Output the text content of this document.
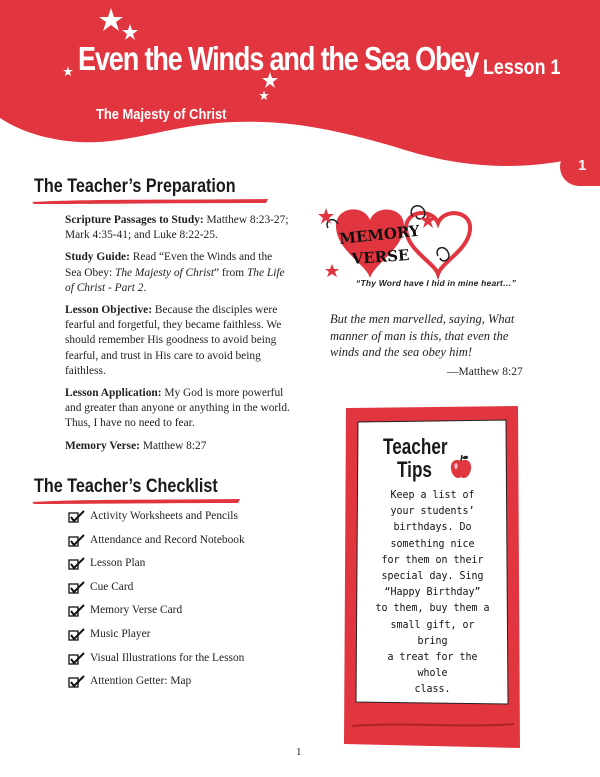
Even the Winds and the Sea Obey Lesson 1
The Majesty of Christ
1
The Teacher’s Preparation

Scripture Passages to Study: Matthew 8:23-27; Mark 4:35-41; and Luke 8:22-25.

Study Guide: Read “Even the Winds and the Sea Obey: The Majesty of Christ” from The Life of Christ - Part 2.

Lesson Objective: Because the disciples were fearful and forgetful, they became faithless. We should remember His goodness to avoid being fearful, and trust in His care to avoid being faithless.

Lesson Application: My God is more powerful and greater than anyone or anything in the world. Thus, I have no need to fear.

Memory Verse: Matthew 8:27

The Teacher’s Checklist
Activity Worksheets and Pencils
Attendance and Record Notebook
Lesson Plan
Cue Card
Memory Verse Card
Music Player
Visual Illustrations for the Lesson
Attention Getter: Map
MEMORY
VERSE
“Thy Word have I hid in mine heart…”
But the men marvelled, saying, What manner of man is this, that even the winds and the sea obey him!
—Matthew 8:27
Teacher
Tips
Keep a list of
your students’
birthdays. Do
something nice
for them on their
special day. Sing
“Happy Birthday”
to them, buy them a
small gift, or bring
a treat for the whole
class.
1
